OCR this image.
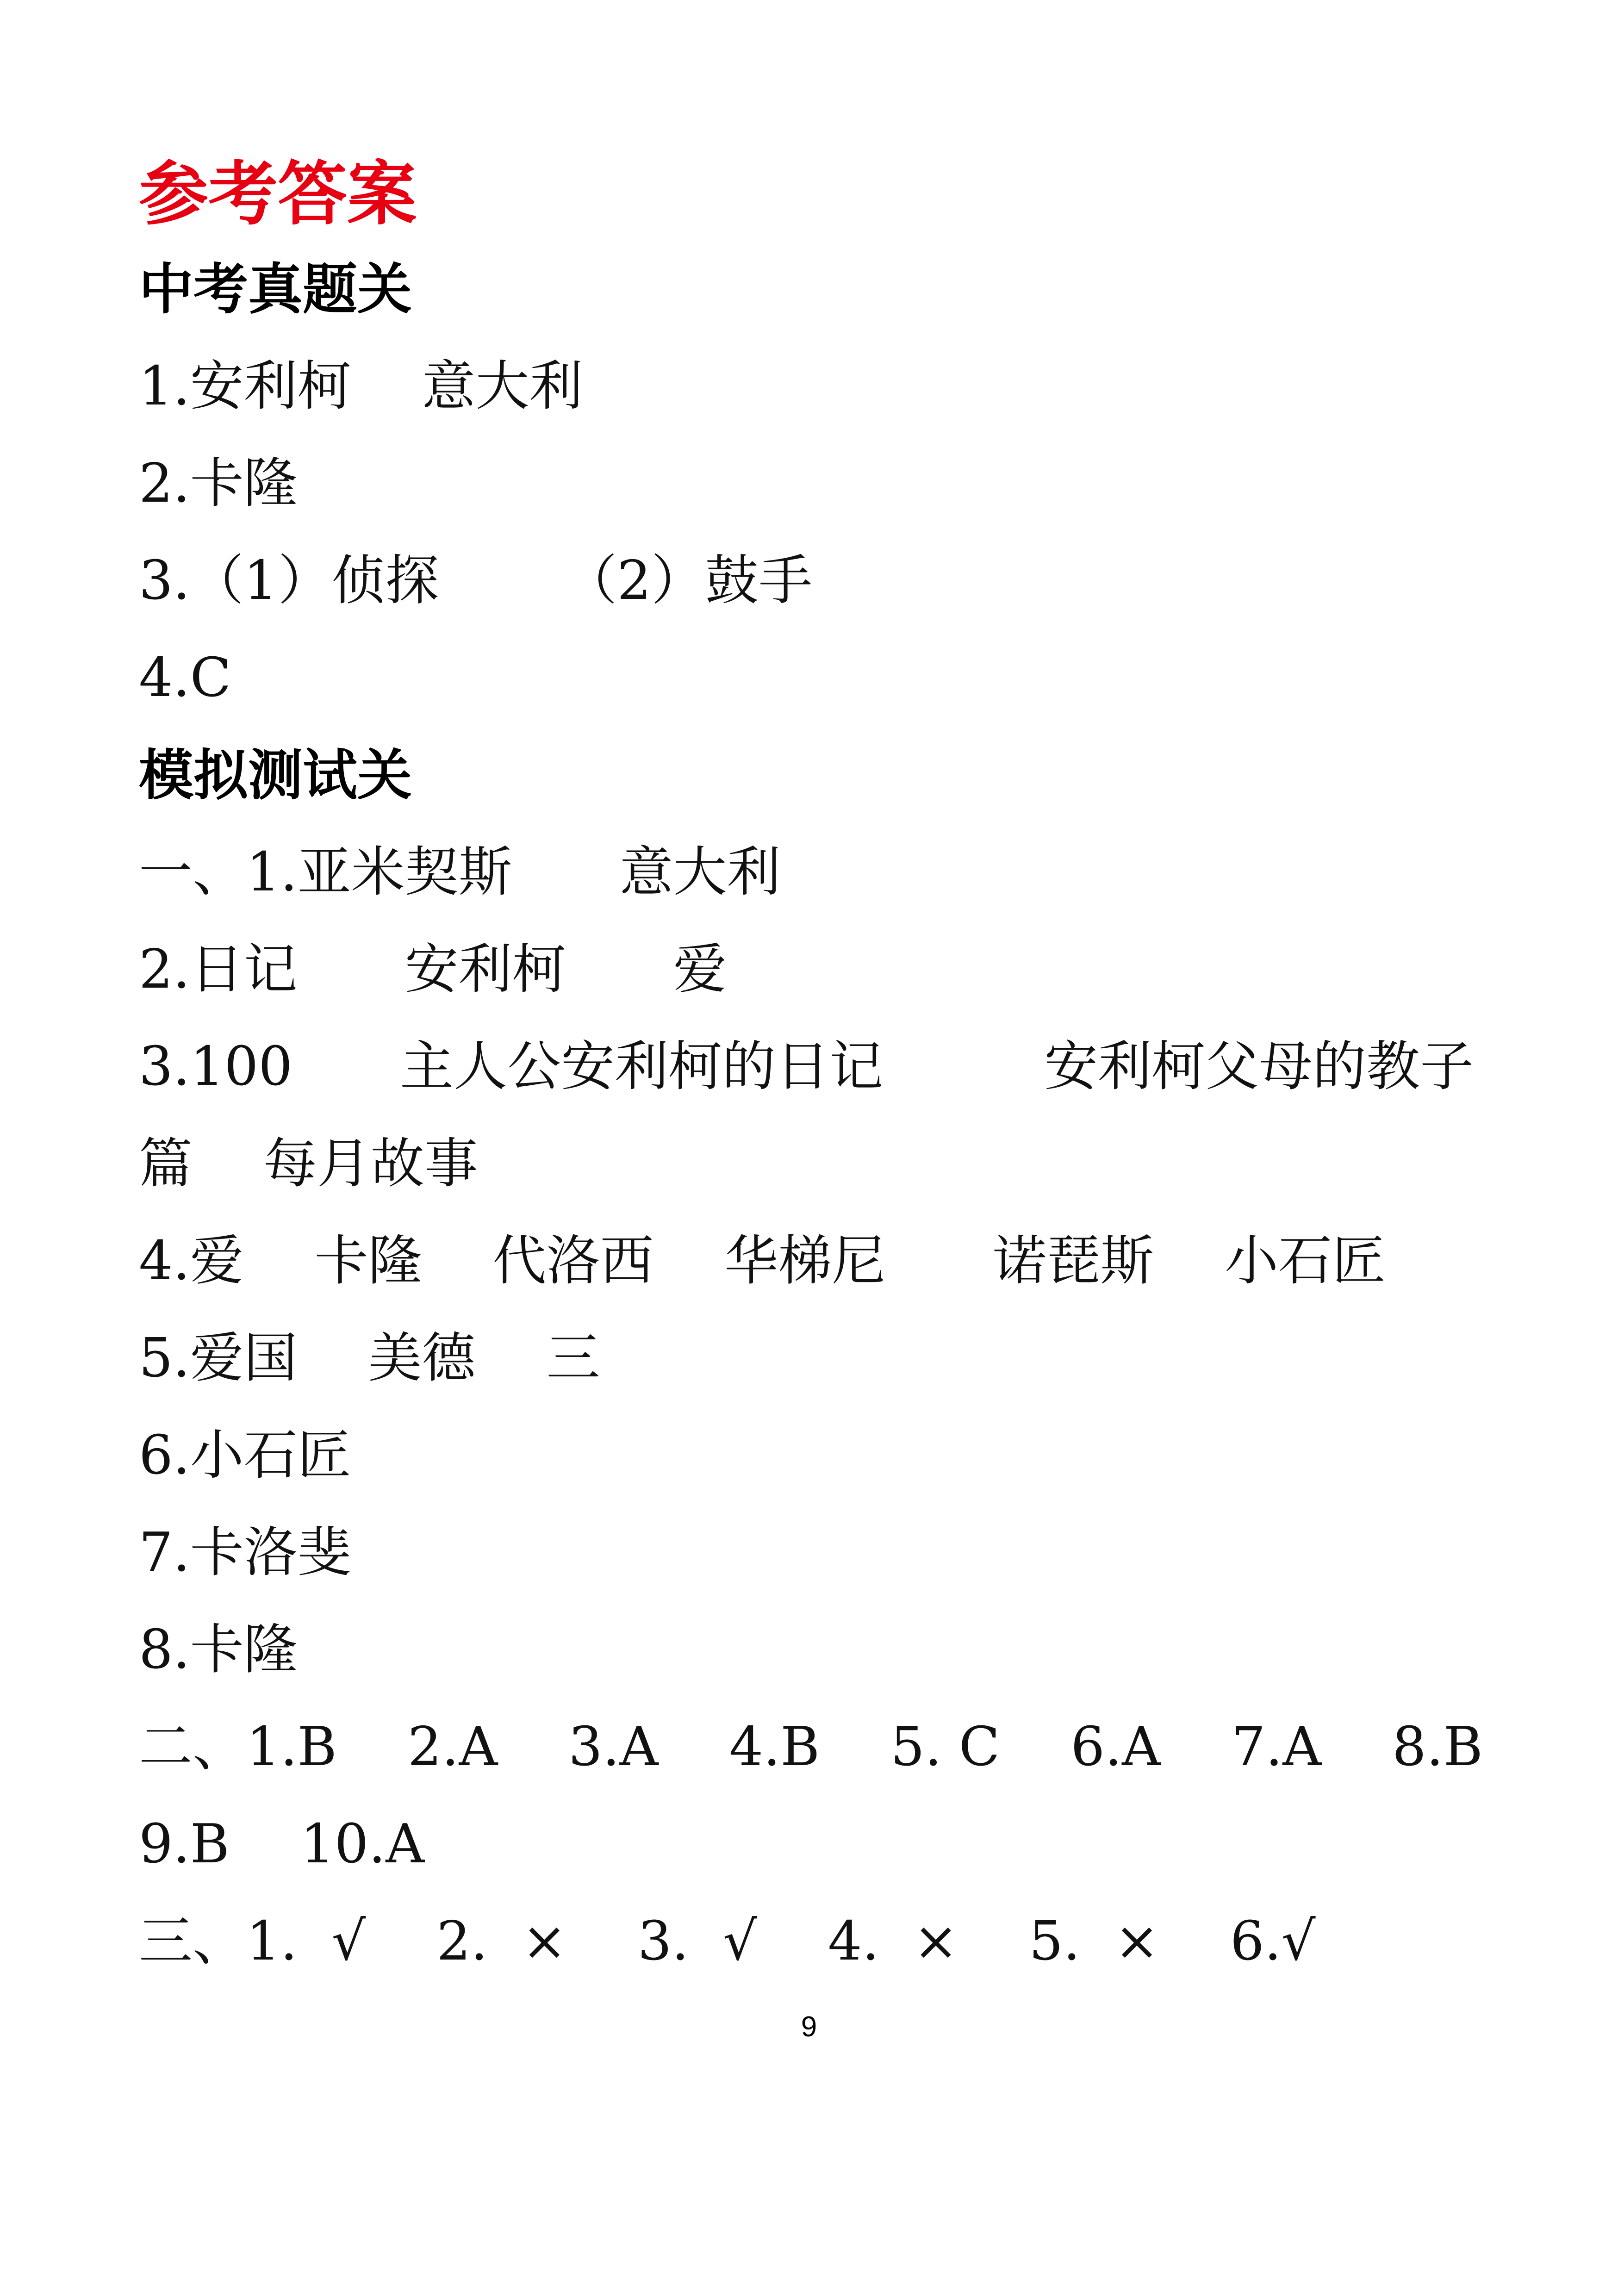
参考答案
中考真题关
1.安利柯　 意大利
2.卡隆
3.（1）侦探　　 （2）鼓手
4.C
模拟测试关
一、1.亚米契斯　　意大利
2.日记　　安利柯　　爱
3.100　　主人公安利柯的日记　　　安利柯父母的教子
篇　 每月故事
4.爱　 卡隆　 代洛西　 华梯尼　　诺琵斯　 小石匠
5.爱国　 美德　 三
6.小石匠
7.卡洛斐
8.卡隆
二、1.B　 2.A　 3.A　 4.B　 5. C　 6.A　 7.A　 8.B
9.B　 10.A
三、1.  √　 2.  ×　 3.  √　 4.  ×　 5.  ×　 6.√
9
